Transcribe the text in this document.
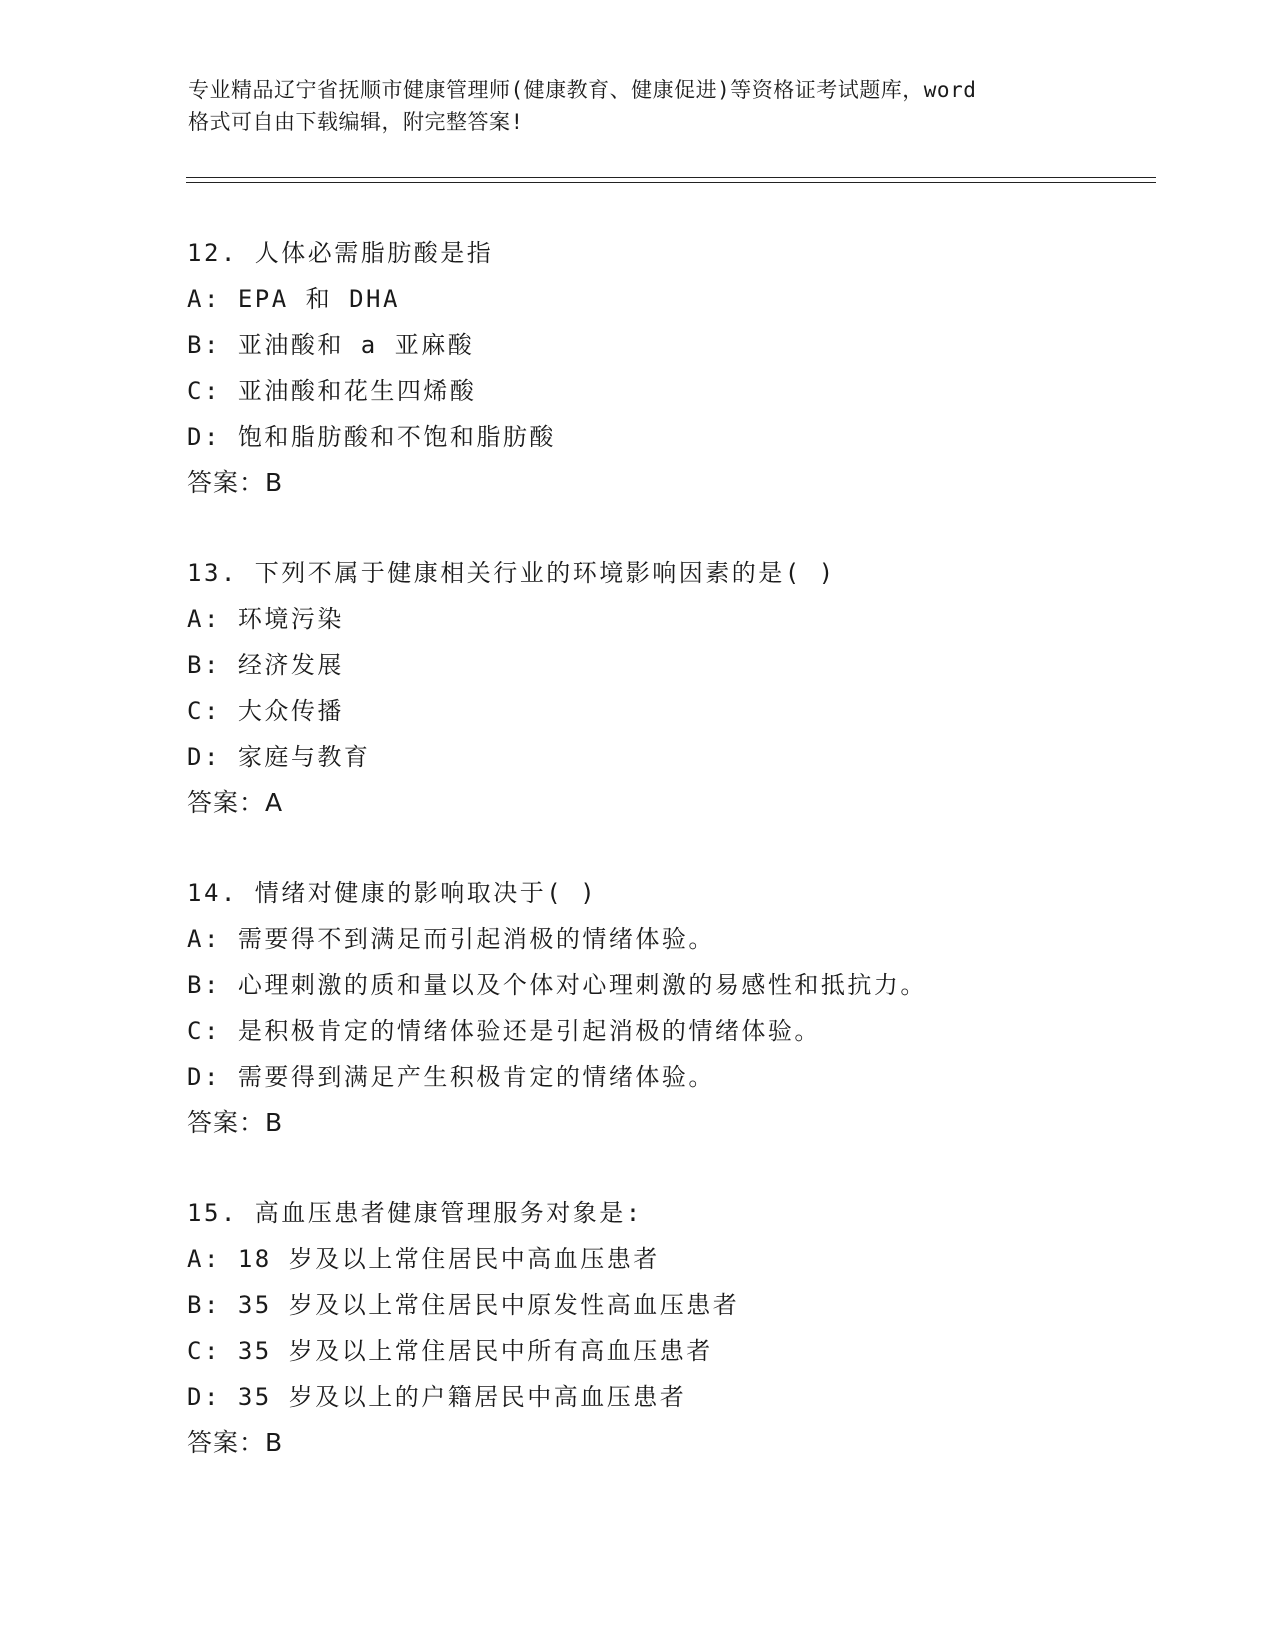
专业精品辽宁省抚顺市健康管理师(健康教育、健康促进)等资格证考试题库，word
格式可自由下载编辑，附完整答案!
12. 人体必需脂肪酸是指
A: EPA 和 DHA
B: 亚油酸和 a 亚麻酸
C: 亚油酸和花生四烯酸
D: 饱和脂肪酸和不饱和脂肪酸
答案：B
13. 下列不属于健康相关行业的环境影响因素的是( )
A: 环境污染
B: 经济发展
C: 大众传播
D: 家庭与教育
答案：A
14. 情绪对健康的影响取决于( )
A: 需要得不到满足而引起消极的情绪体验。
B: 心理刺激的质和量以及个体对心理刺激的易感性和抵抗力。
C: 是积极肯定的情绪体验还是引起消极的情绪体验。
D: 需要得到满足产生积极肯定的情绪体验。
答案：B
15. 高血压患者健康管理服务对象是:
A: 18 岁及以上常住居民中高血压患者
B: 35 岁及以上常住居民中原发性高血压患者
C: 35 岁及以上常住居民中所有高血压患者
D: 35 岁及以上的户籍居民中高血压患者
答案：B
